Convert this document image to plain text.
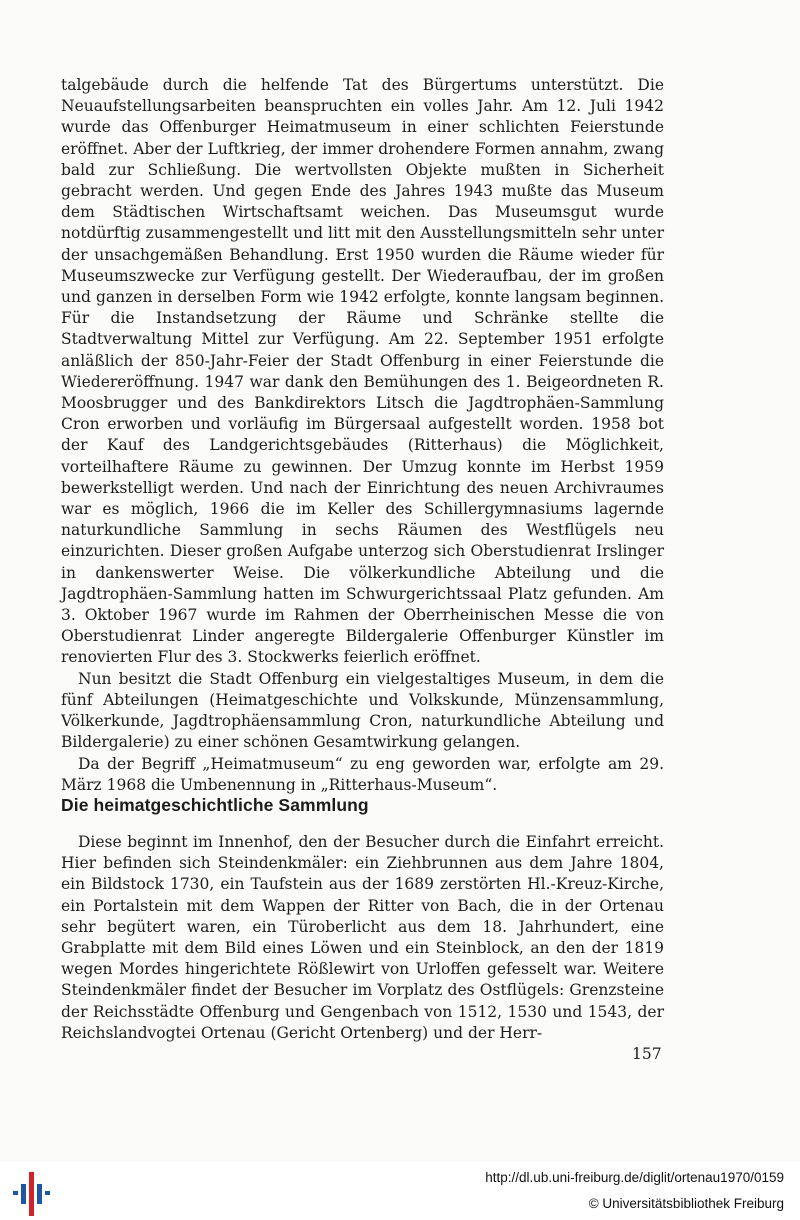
talgebäude durch die helfende Tat des Bürgertums unterstützt. Die Neuaufstellungsarbeiten beanspruchten ein volles Jahr. Am 12. Juli 1942 wurde das Offenburger Heimatmuseum in einer schlichten Feierstunde eröffnet. Aber der Luftkrieg, der immer drohendere Formen annahm, zwang bald zur Schließung. Die wertvollsten Objekte mußten in Sicherheit gebracht werden. Und gegen Ende des Jahres 1943 mußte das Museum dem Städtischen Wirtschaftsamt weichen. Das Museumsgut wurde notdürftig zusammengestellt und litt mit den Ausstellungsmitteln sehr unter der unsachgemäßen Behandlung. Erst 1950 wurden die Räume wieder für Museumszwecke zur Verfügung gestellt. Der Wiederaufbau, der im großen und ganzen in derselben Form wie 1942 erfolgte, konnte langsam beginnen. Für die Instandsetzung der Räume und Schränke stellte die Stadtverwaltung Mittel zur Verfügung. Am 22. September 1951 erfolgte anläßlich der 850-Jahr-Feier der Stadt Offenburg in einer Feierstunde die Wiedereröffnung. 1947 war dank den Bemühungen des 1. Beigeordneten R. Moosbrugger und des Bankdirektors Litsch die Jagdtrophäen-Sammlung Cron erworben und vorläufig im Bürgersaal aufgestellt worden. 1958 bot der Kauf des Landgerichtsgebäudes (Ritterhaus) die Möglichkeit, vorteilhaftere Räume zu gewinnen. Der Umzug konnte im Herbst 1959 bewerkstelligt werden. Und nach der Einrichtung des neuen Archivraumes war es möglich, 1966 die im Keller des Schillergymnasiums lagernde naturkundliche Sammlung in sechs Räumen des Westflügels neu einzurichten. Dieser großen Aufgabe unterzog sich Oberstudienrat Irslinger in dankenswerter Weise. Die völkerkundliche Abteilung und die Jagdtrophäen-Sammlung hatten im Schwurgerichtssaal Platz gefunden. Am 3. Oktober 1967 wurde im Rahmen der Oberrheinischen Messe die von Oberstudienrat Linder angeregte Bildergalerie Offenburger Künstler im renovierten Flur des 3. Stockwerks feierlich eröffnet.

Nun besitzt die Stadt Offenburg ein vielgestaltiges Museum, in dem die fünf Abteilungen (Heimatgeschichte und Volkskunde, Münzensammlung, Völkerkunde, Jagdtrophäensammlung Cron, naturkundliche Abteilung und Bildergalerie) zu einer schönen Gesamtwirkung gelangen.

Da der Begriff „Heimatmuseum“ zu eng geworden war, erfolgte am 29. März 1968 die Umbenennung in „Ritterhaus-Museum“.

Die heimatgeschichtliche Sammlung

Diese beginnt im Innenhof, den der Besucher durch die Einfahrt erreicht. Hier befinden sich Steindenkmäler: ein Ziehbrunnen aus dem Jahre 1804, ein Bildstock 1730, ein Taufstein aus der 1689 zerstörten Hl.-Kreuz-Kirche, ein Portalstein mit dem Wappen der Ritter von Bach, die in der Ortenau sehr begütert waren, ein Türoberlicht aus dem 18. Jahrhundert, eine Grabplatte mit dem Bild eines Löwen und ein Steinblock, an den der 1819 wegen Mordes hingerichtete Rößlewirt von Urloffen gefesselt war. Weitere Steindenkmäler findet der Besucher im Vorplatz des Ostflügels: Grenzsteine der Reichsstädte Offenburg und Gengenbach von 1512, 1530 und 1543, der Reichslandvogtei Ortenau (Gericht Ortenberg) und der Herr-

157
http://dl.ub.uni-freiburg.de/diglit/ortenau1970/0159
© Universitätsbibliothek Freiburg
